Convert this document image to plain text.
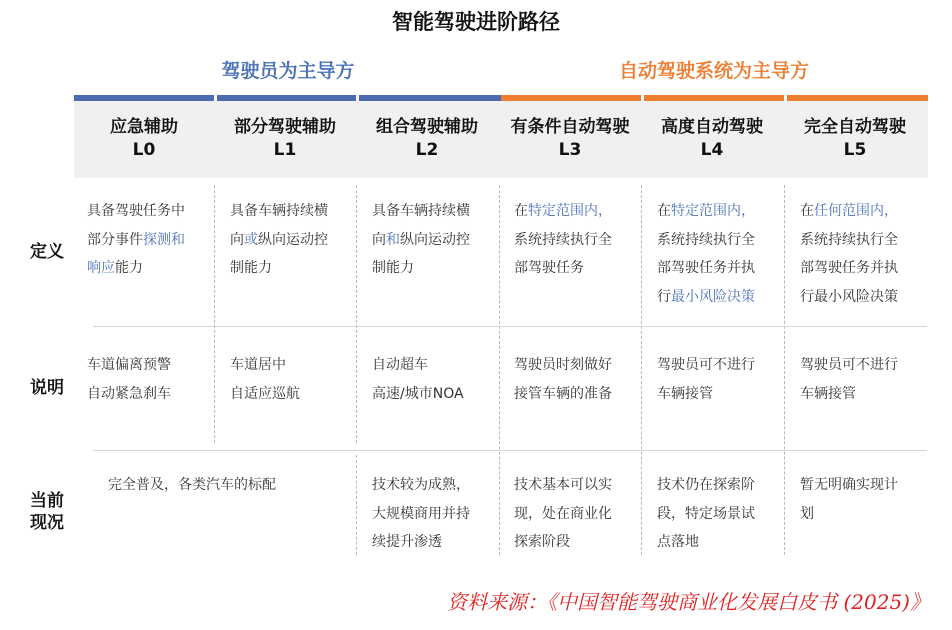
智能驾驶进阶路径
驾驶员为主导方	自动驾驶系统为主导方
应急辅助
L0
部分驾驶辅助
L1
组合驾驶辅助
L2
有条件自动驾驶
L3
高度自动驾驶
L4
完全自动驾驶
L5
定义
说明
当前
现况
具备驾驶任务中
部分事件探测和
响应能力
具备车辆持续横
向或纵向运动控
制能力
具备车辆持续横
向和纵向运动控
制能力
在特定范围内，
系统持续执行全
部驾驶任务
在特定范围内，
系统持续执行全
部驾驶任务并执
行最小风险决策
在任何范围内，
系统持续执行全
部驾驶任务并执
行最小风险决策
车道偏离预警
自动紧急刹车
车道居中
自适应巡航
自动超车
高速/城市NOA
驾驶员时刻做好
接管车辆的准备
驾驶员可不进行
车辆接管
驾驶员可不进行
车辆接管
完全普及，各类汽车的标配	技术较为成熟，
大规模商用并持
续提升渗透
技术基本可以实
现，处在商业化
探索阶段
技术仍在探索阶
段，特定场景试
点落地
暂无明确实现计
划
资料来源：《中国智能驾驶商业化发展白皮书 (2025)》
